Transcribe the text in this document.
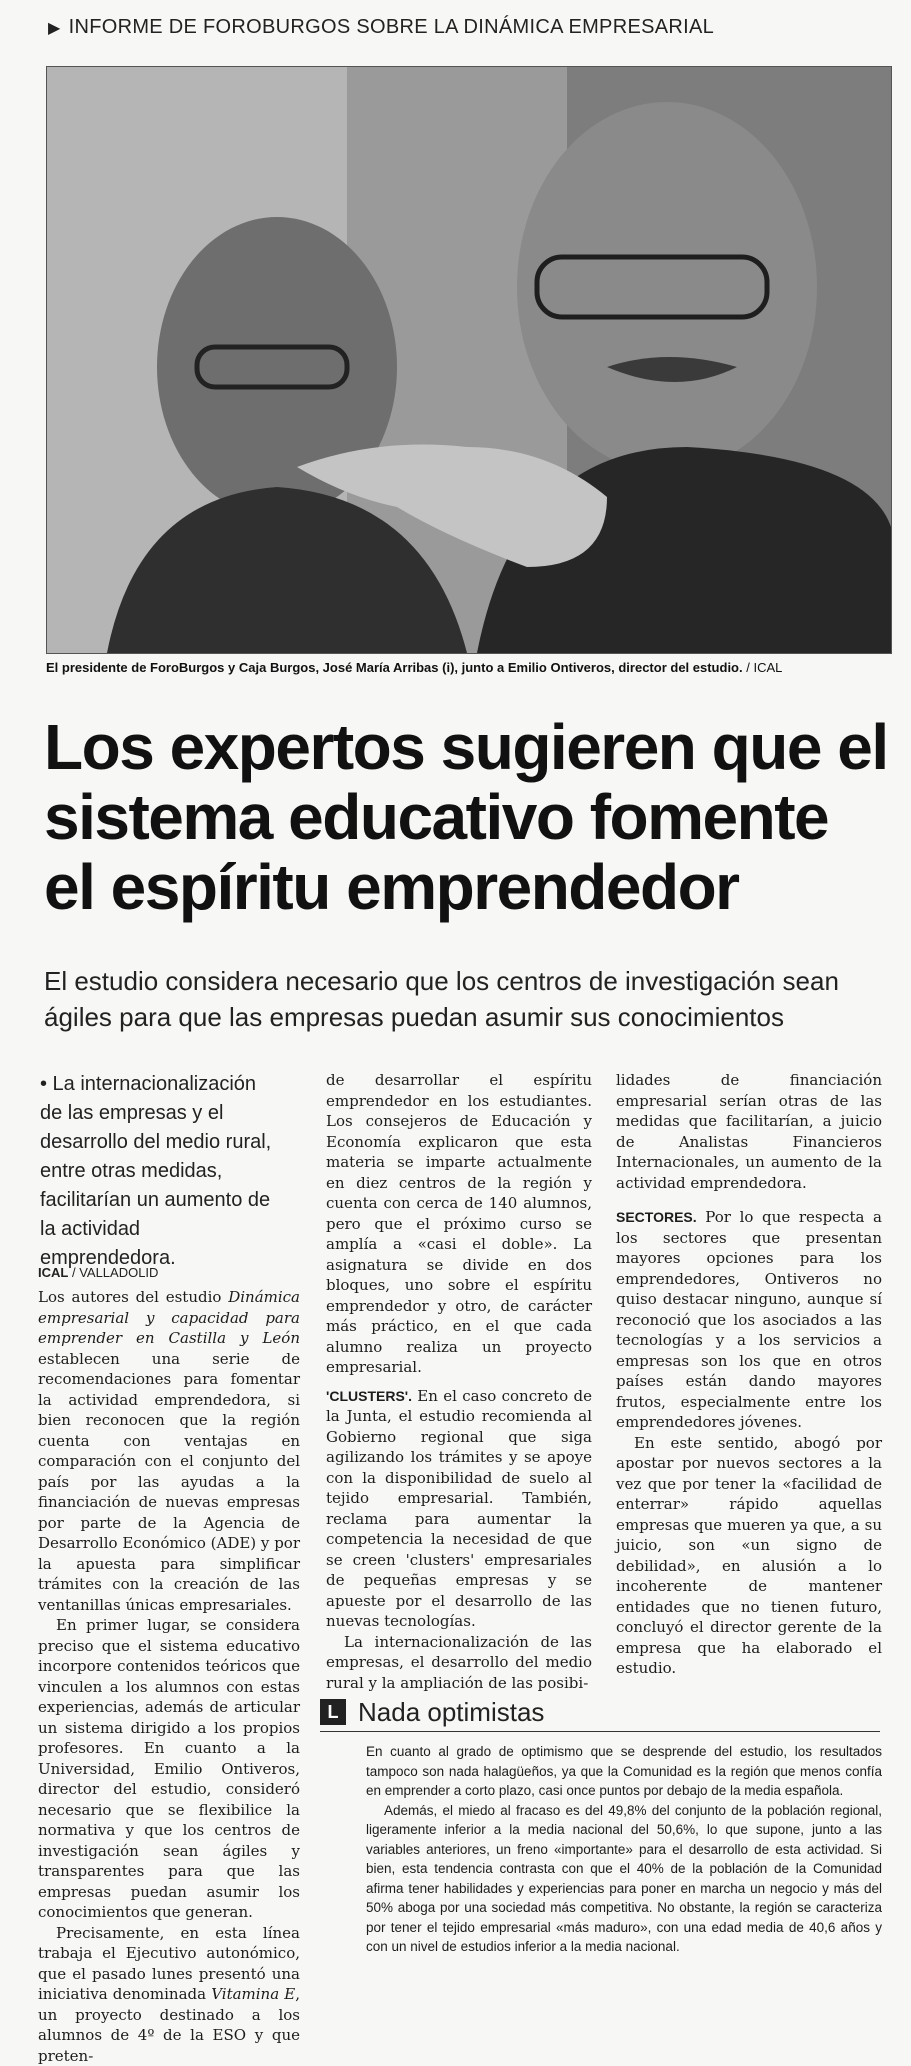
▶ INFORME DE FOROBURGOS SOBRE LA DINÁMICA EMPRESARIAL
El presidente de ForoBurgos y Caja Burgos, José María Arribas (i), junto a Emilio Ontiveros, director del estudio. / ICAL
Los expertos sugieren que el
sistema educativo fomente
el espíritu emprendedor
El estudio considera necesario que los centros de investigación sean ágiles para que las empresas puedan asumir sus conocimientos
• La internacionalización de las empresas y el desarrollo del medio rural, entre otras medidas, facilitarían un aumento de la actividad emprendedora.
ICAL / VALLADOLID

Los autores del estudio Dinámica empresarial y capacidad para emprender en Castilla y León establecen una serie de recomendaciones para fomentar la actividad emprendedora, si bien reconocen que la región cuenta con ventajas en comparación con el conjunto del país por las ayudas a la financiación de nuevas empresas por parte de la Agencia de Desarrollo Económico (ADE) y por la apuesta para simplificar trámites con la creación de las ventanillas únicas empresariales.

En primer lugar, se considera preciso que el sistema educativo incorpore contenidos teóricos que vinculen a los alumnos con estas experiencias, además de articular un sistema dirigido a los propios profesores. En cuanto a la Universidad, Emilio Ontiveros, director del estudio, consideró necesario que se flexibilice la normativa y que los centros de investigación sean ágiles y transparentes para que las empresas puedan asumir los conocimientos que generan.

Precisamente, en esta línea trabaja el Ejecutivo autonómico, que el pasado lunes presentó una iniciativa denominada Vitamina E, un proyecto destinado a los alumnos de 4º de la ESO y que preten-

de desarrollar el espíritu emprendedor en los estudiantes. Los consejeros de Educación y Economía explicaron que esta materia se imparte actualmente en diez centros de la región y cuenta con cerca de 140 alumnos, pero que el próximo curso se amplía a «casi el doble». La asignatura se divide en dos bloques, uno sobre el espíritu emprendedor y otro, de carácter más práctico, en el que cada alumno realiza un proyecto empresarial.

'CLUSTERS'. En el caso concreto de la Junta, el estudio recomienda al Gobierno regional que siga agilizando los trámites y se apoye con la disponibilidad de suelo al tejido empresarial. También, reclama para aumentar la competencia la necesidad de que se creen 'clusters' empresariales de pequeñas empresas y se apueste por el desarrollo de las nuevas tecnologías.

La internacionalización de las empresas, el desarrollo del medio rural y la ampliación de las posibi-

lidades de financiación empresarial serían otras de las medidas que facilitarían, a juicio de Analistas Financieros Internacionales, un aumento de la actividad emprendedora.

SECTORES. Por lo que respecta a los sectores que presentan mayores opciones para los emprendedores, Ontiveros no quiso destacar ninguno, aunque sí reconoció que los asociados a las tecnologías y a los servicios a empresas son los que en otros países están dando mayores frutos, especialmente entre los emprendedores jóvenes.

En este sentido, abogó por apostar por nuevos sectores a la vez que por tener la «facilidad de enterrar» rápido aquellas empresas que mueren ya que, a su juicio, son «un signo de debilidad», en alusión a lo incoherente de mantener entidades que no tienen futuro, concluyó el director gerente de la empresa que ha elaborado el estudio.

L Nada optimistas

En cuanto al grado de optimismo que se desprende del estudio, los resultados tampoco son nada halagüeños, ya que la Comunidad es la región que menos confía en emprender a corto plazo, casi once puntos por debajo de la media española.

Además, el miedo al fracaso es del 49,8% del conjunto de la población regional, ligeramente inferior a la media nacional del 50,6%, lo que supone, junto a las variables anteriores, un freno «importante» para el desarrollo de esta actividad. Si bien, esta tendencia contrasta con que el 40% de la población de la Comunidad afirma tener habilidades y experiencias para poner en marcha un negocio y más del 50% aboga por una sociedad más competitiva. No obstante, la región se caracteriza por tener el tejido empresarial «más maduro», con una edad media de 40,6 años y con un nivel de estudios inferior a la media nacional.
